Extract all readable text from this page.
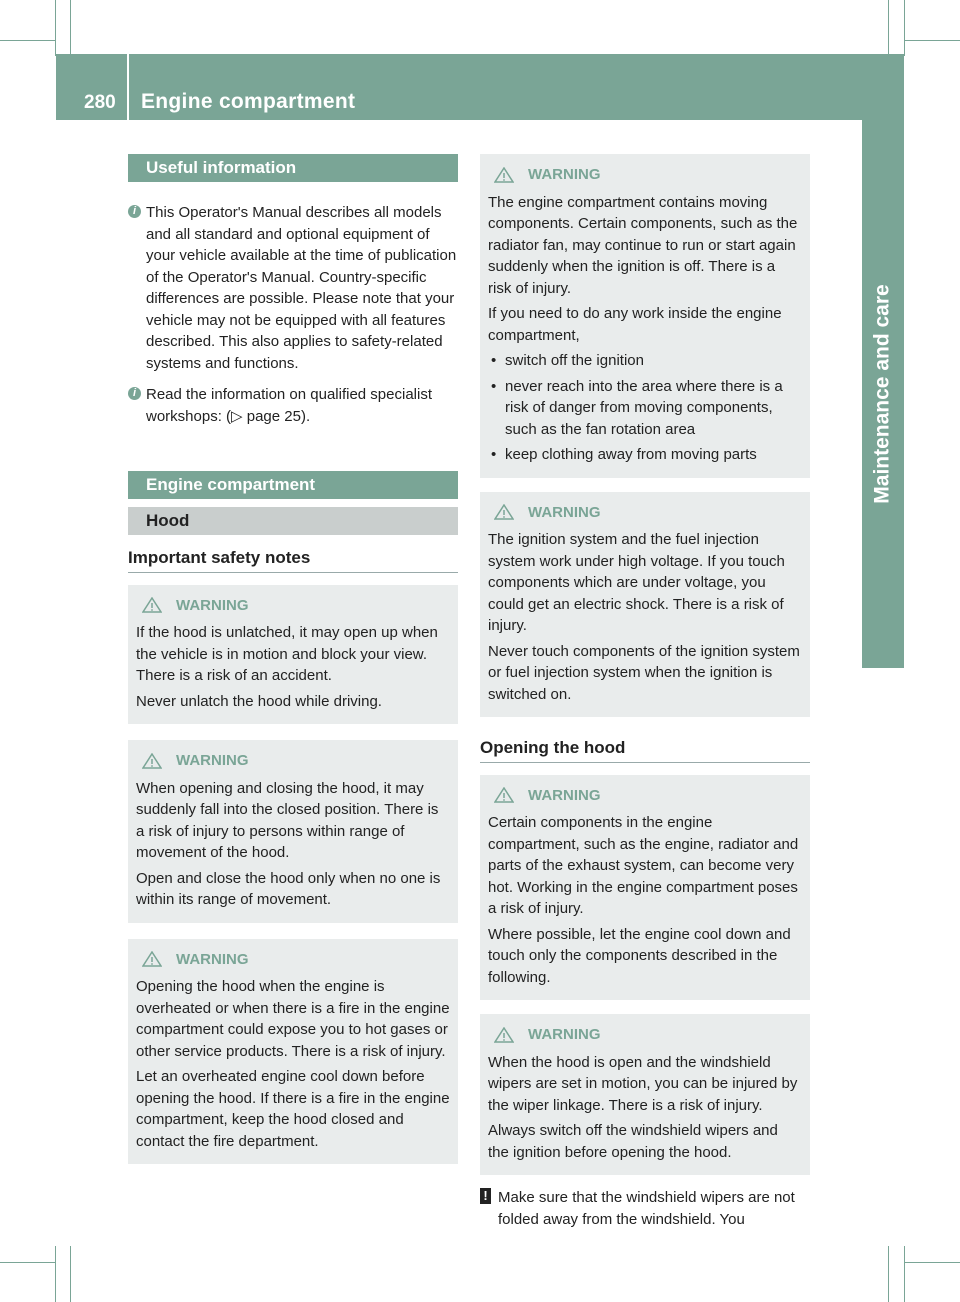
280 Engine compartment
Maintenance and care
Useful information
i This Operator's Manual describes all models and all standard and optional equipment of your vehicle available at the time of publication of the Operator's Manual. Country-specific differences are possible. Please note that your vehicle may not be equipped with all features described. This also applies to safety-related systems and functions.

i Read the information on qualified specialist workshops: (▷ page 25).

Engine compartment
Hood
Important safety notes
WARNING

If the hood is unlatched, it may open up when the vehicle is in motion and block your view. There is a risk of an accident.

Never unlatch the hood while driving.

WARNING

When opening and closing the hood, it may suddenly fall into the closed position. There is a risk of injury to persons within range of movement of the hood.

Open and close the hood only when no one is within its range of movement.

WARNING

Opening the hood when the engine is overheated or when there is a fire in the engine compartment could expose you to hot gases or other service products. There is a risk of injury.

Let an overheated engine cool down before opening the hood. If there is a fire in the engine compartment, keep the hood closed and contact the fire department.

WARNING

The engine compartment contains moving components. Certain components, such as the radiator fan, may continue to run or start again suddenly when the ignition is off. There is a risk of injury.

If you need to do any work inside the engine compartment,

• switch off the ignition
• never reach into the area where there is a risk of danger from moving components, such as the fan rotation area
• keep clothing away from moving parts
WARNING

The ignition system and the fuel injection system work under high voltage. If you touch components which are under voltage, you could get an electric shock. There is a risk of injury.

Never touch components of the ignition system or fuel injection system when the ignition is switched on.

Opening the hood
WARNING

Certain components in the engine compartment, such as the engine, radiator and parts of the exhaust system, can become very hot. Working in the engine compartment poses a risk of injury.

Where possible, let the engine cool down and touch only the components described in the following.

WARNING

When the hood is open and the windshield wipers are set in motion, you can be injured by the wiper linkage. There is a risk of injury.

Always switch off the windshield wipers and the ignition before opening the hood.

! Make sure that the windshield wipers are not folded away from the windshield. You
